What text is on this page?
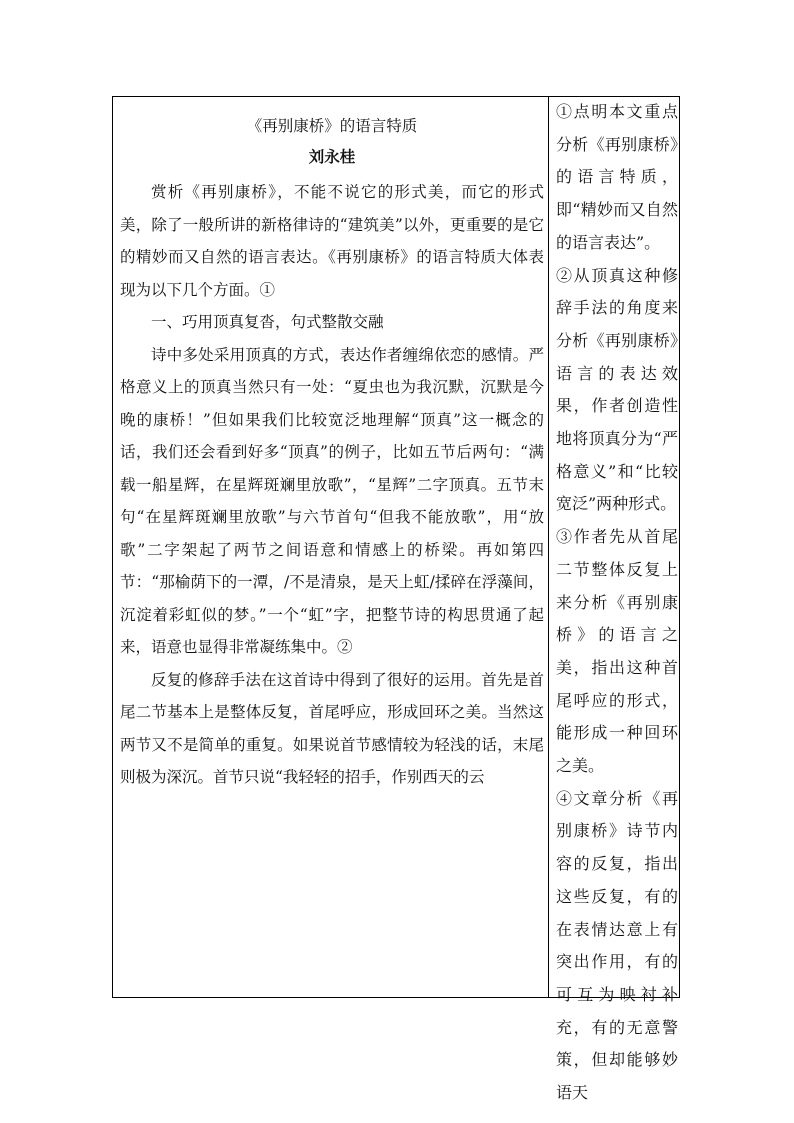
《再别康桥》的语言特质
刘永桂

赏析《再别康桥》，不能不说它的形式美，而它的形式美，除了一般所讲的新格律诗的“建筑美”以外，更重要的是它的精妙而又自然的语言表达。《再别康桥》的语言特质大体表现为以下几个方面。①

一、巧用顶真复沓，句式整散交融

诗中多处采用顶真的方式，表达作者缠绵依恋的感情。严格意义上的顶真当然只有一处：“夏虫也为我沉默，沉默是今晚的康桥！”但如果我们比较宽泛地理解“顶真”这一概念的话，我们还会看到好多“顶真”的例子，比如五节后两句：“满载一船星辉，在星辉斑斓里放歌”，“星辉”二字顶真。五节末句“在星辉斑斓里放歌”与六节首句“但我不能放歌”，用“放歌”二字架起了两节之间语意和情感上的桥梁。再如第四节：“那榆荫下的一潭，/不是清泉，是天上虹/揉碎在浮藻间，沉淀着彩虹似的梦。”一个“虹”字，把整节诗的构思贯通了起来，语意也显得非常凝练集中。②

反复的修辞手法在这首诗中得到了很好的运用。首先是首尾二节基本上是整体反复，首尾呼应，形成回环之美。当然这两节又不是简单的重复。如果说首节感情较为轻浅的话，末尾则极为深沉。首节只说“我轻轻的招手，作别西天的云

①点明本文重点分析《再别康桥》的语言特质，即“精妙而又自然的语言表达”。

②从顶真这种修辞手法的角度来分析《再别康桥》语言的表达效果，作者创造性地将顶真分为“严格意义”和“比较宽泛”两种形式。

③作者先从首尾二节整体反复上来分析《再别康桥》的语言之美，指出这种首尾呼应的形式，能形成一种回环之美。

④文章分析《再别康桥》诗节内容的反复，指出这些反复，有的在表情达意上有突出作用，有的可互为映衬补充，有的无意警策，但却能够妙语天
